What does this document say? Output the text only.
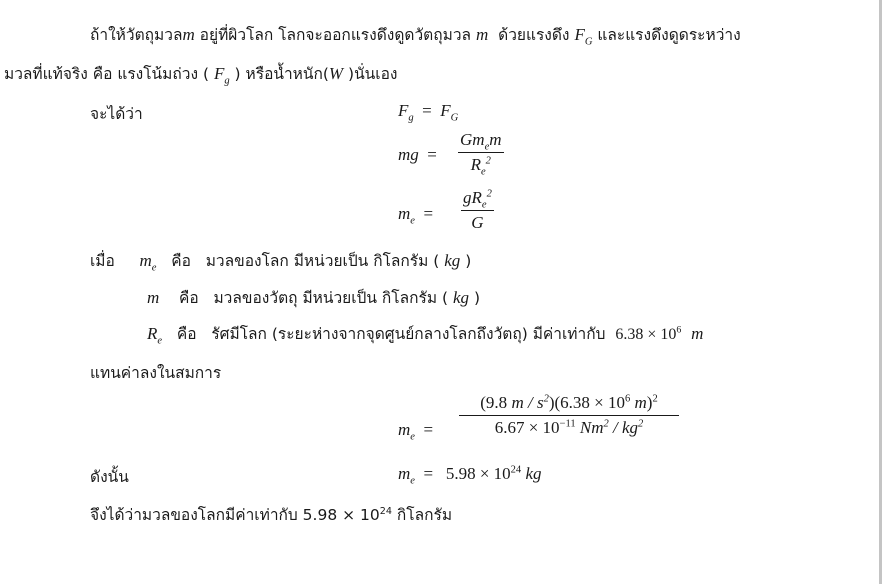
ถ้าให้วัตถุมวลm อยู่ที่ผิวโลก โลกจะออกแรงดึงดูดวัตถุมวล m ด้วยแรงดึง $F_G$ และแรงดึงดูดระหว่าง
มวลที่แท้จริง คือ แรงโน้มถ่วง ( $F_g$ ) หรือน้ำหนัก(W )นั่นเอง
จะได้ว่า	$F_g = F_G$
mg =
$Gm_em$
$R_e^2$
$m_e$ =
$gR_e^2$
G
เมื่อ $m_e$ คือ มวลของโลก มีหน่วยเป็น กิโลกรัม ( kg )
m คือ มวลของวัตถุ มีหน่วยเป็น กิโลกรัม ( kg )
$R_e$ คือ รัศมีโลก (ระยะห่างจากจุดศูนย์กลางโลกถึงวัตถุ) มีค่าเท่ากับ $6.38 \times 10^6$ m
แทนค่าลงในสมการ
$m_e$ =
(9.8 $m / s^2)(6.38 \times 10^6$ m)$^2$
$6.67 \times 10^{-11}$ $Nm^2 / kg^2$
ดังนั้น	$m_e = 5.98 \times 10^{24}$ kg
จึงได้ว่ามวลของโลกมีค่าเท่ากับ $5.98 \times 10^{24}$ กิโลกรัม
